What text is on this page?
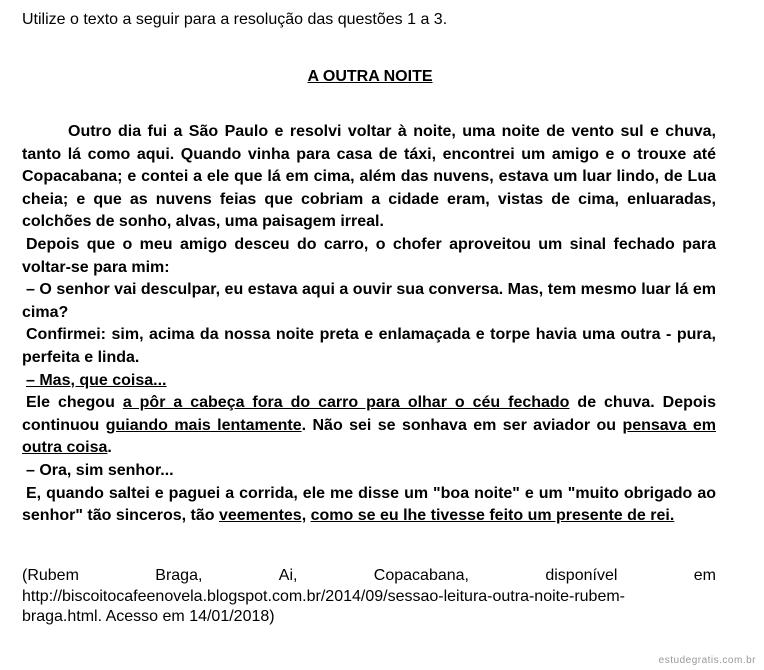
Utilize o texto a seguir para a resolução das questões 1 a 3.
A OUTRA NOITE

Outro dia fui a São Paulo e resolvi voltar à noite, uma noite de vento sul e chuva, tanto lá como aqui. Quando vinha para casa de táxi, encontrei um amigo e o trouxe até Copacabana; e contei a ele que lá em cima, além das nuvens, estava um luar lindo, de Lua cheia; e que as nuvens feias que cobriam a cidade eram, vistas de cima, enluaradas, colchões de sonho, alvas, uma paisagem irreal.

Depois que o meu amigo desceu do carro, o chofer aproveitou um sinal fechado para voltar-se para mim:

– O senhor vai desculpar, eu estava aqui a ouvir sua conversa. Mas, tem mesmo luar lá em cima?

Confirmei: sim, acima da nossa noite preta e enlamaçada e torpe havia uma outra - pura, perfeita e linda.

– Mas, que coisa...

Ele chegou a pôr a cabeça fora do carro para olhar o céu fechado de chuva. Depois continuou guiando mais lentamente. Não sei se sonhava em ser aviador ou pensava em outra coisa.

– Ora, sim senhor...

E, quando saltei e paguei a corrida, ele me disse um "boa noite" e um "muito obrigado ao senhor" tão sinceros, tão veementes, como se eu lhe tivesse feito um presente de rei.

(Rubem	Braga,	Ai,	Copacabana,	disponível	em
http://biscoitocafeenovela.blogspot.com.br/2014/09/sessao-leitura-outra-noite-rubem-
braga.html. Acesso em 14/01/2018)
estudegratis.com.br
